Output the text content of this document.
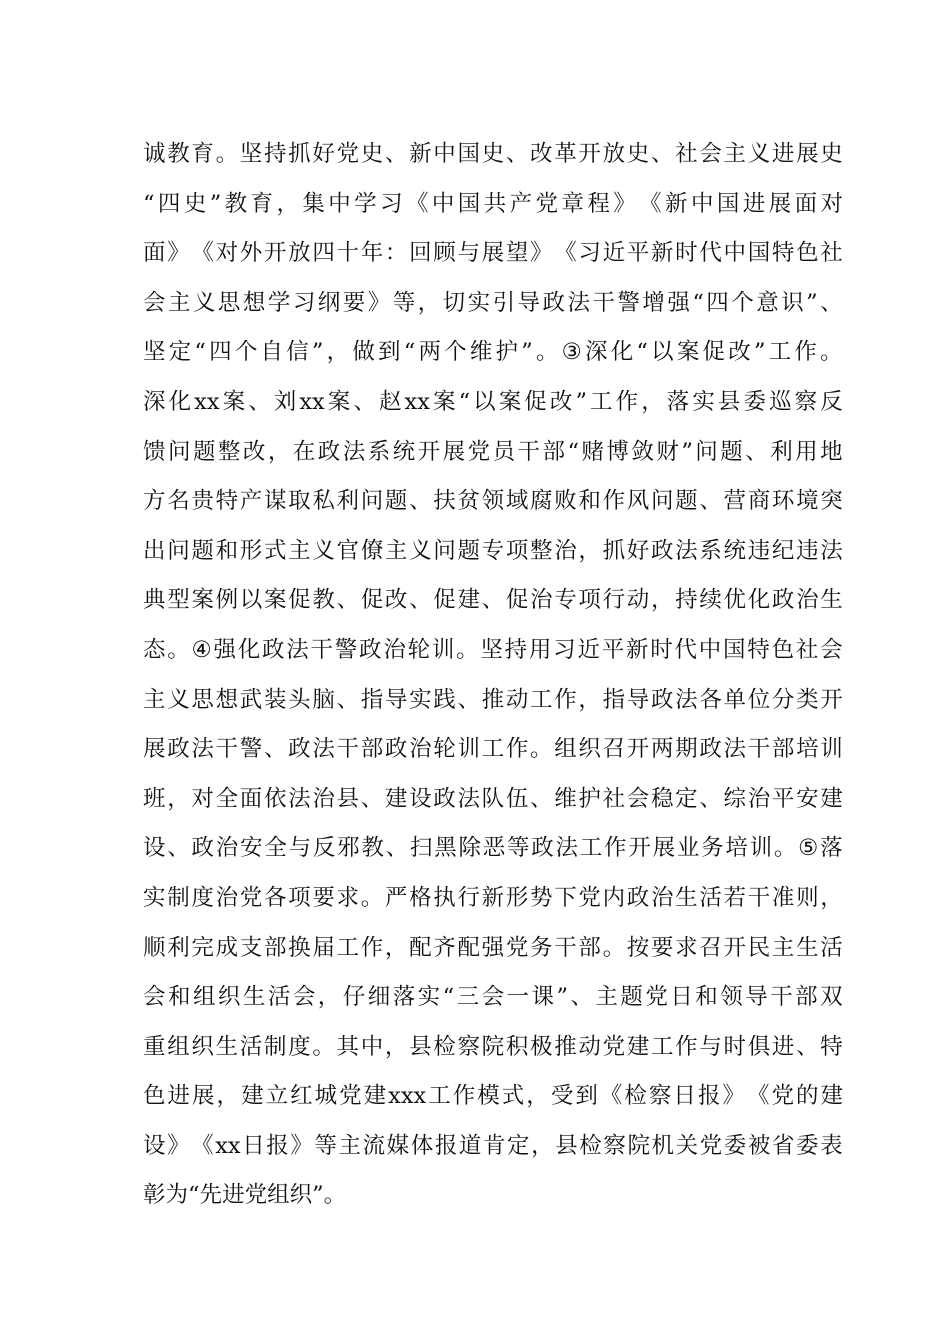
诚 教 育 。 坚 持 抓 好 党 史 、 新 中 国 史 、 改 革 开 放 史 、 社 会 主 义 进 展 史
“ 四 史 ” 教 育 ， 集 中 学 习 《 中 国 共 产 党 章 程 》 《 新 中 国 进 展 面 对
面 》 《 对 外 开 放 四 十 年 ： 回 顾 与 展 望 》 《 习 近 平 新 时 代 中 国 特 色 社
会 主 义 思 想 学 习 纲 要 》 等 ， 切 实 引 导 政 法 干 警 增 强 “ 四 个 意 识 ” 、
坚 定 “ 四 个 自 信 ” ， 做 到 “ 两 个 维 护 ” 。 ③ 深 化 “ 以 案 促 改 ” 工 作 。
深 化 xx 案 、 刘 xx 案 、 赵 xx 案 “ 以 案 促 改 ” 工 作 ， 落 实 县 委 巡 察 反
馈 问 题 整 改 ， 在 政 法 系 统 开 展 党 员 干 部 “ 赌 博 敛 财 ” 问 题 、 利 用 地
方 名 贵 特 产 谋 取 私 利 问 题 、 扶 贫 领 域 腐 败 和 作 风 问 题 、 营 商 环 境 突
出 问 题 和 形 式 主 义 官 僚 主 义 问 题 专 项 整 治 ， 抓 好 政 法 系 统 违 纪 违 法
典 型 案 例 以 案 促 教 、 促 改 、 促 建 、 促 治 专 项 行 动 ， 持 续 优 化 政 治 生
态 。 ④ 强 化 政 法 干 警 政 治 轮 训 。 坚 持 用 习 近 平 新 时 代 中 国 特 色 社 会
主 义 思 想 武 装 头 脑 、 指 导 实 践 、 推 动 工 作 ， 指 导 政 法 各 单 位 分 类 开
展 政 法 干 警 、 政 法 干 部 政 治 轮 训 工 作 。 组 织 召 开 两 期 政 法 干 部 培 训
班 ， 对 全 面 依 法 治 县 、 建 设 政 法 队 伍 、 维 护 社 会 稳 定 、 综 治 平 安 建
设 、 政 治 安 全 与 反 邪 教 、 扫 黑 除 恶 等 政 法 工 作 开 展 业 务 培 训 。 ⑤ 落
实 制 度 治 党 各 项 要 求 。 严 格 执 行 新 形 势 下 党 内 政 治 生 活 若 干 准 则 ，
顺 利 完 成 支 部 换 届 工 作 ， 配 齐 配 强 党 务 干 部 。 按 要 求 召 开 民 主 生 活
会 和 组 织 生 活 会 ， 仔 细 落 实 “ 三 会 一 课 ” 、 主 题 党 日 和 领 导 干 部 双
重 组 织 生 活 制 度 。 其 中 ， 县 检 察 院 积 极 推 动 党 建 工 作 与 时 俱 进 、 特
色 进 展 ， 建 立 红 城 党 建 xxx 工 作 模 式 ， 受 到 《 检 察 日 报 》 《 党 的 建
设 》 《 xx 日 报 》 等 主 流 媒 体 报 道 肯 定 ， 县 检 察 院 机 关 党 委 被 省 委 表
彰 为 “ 先 进 党 组 织 ” 。
